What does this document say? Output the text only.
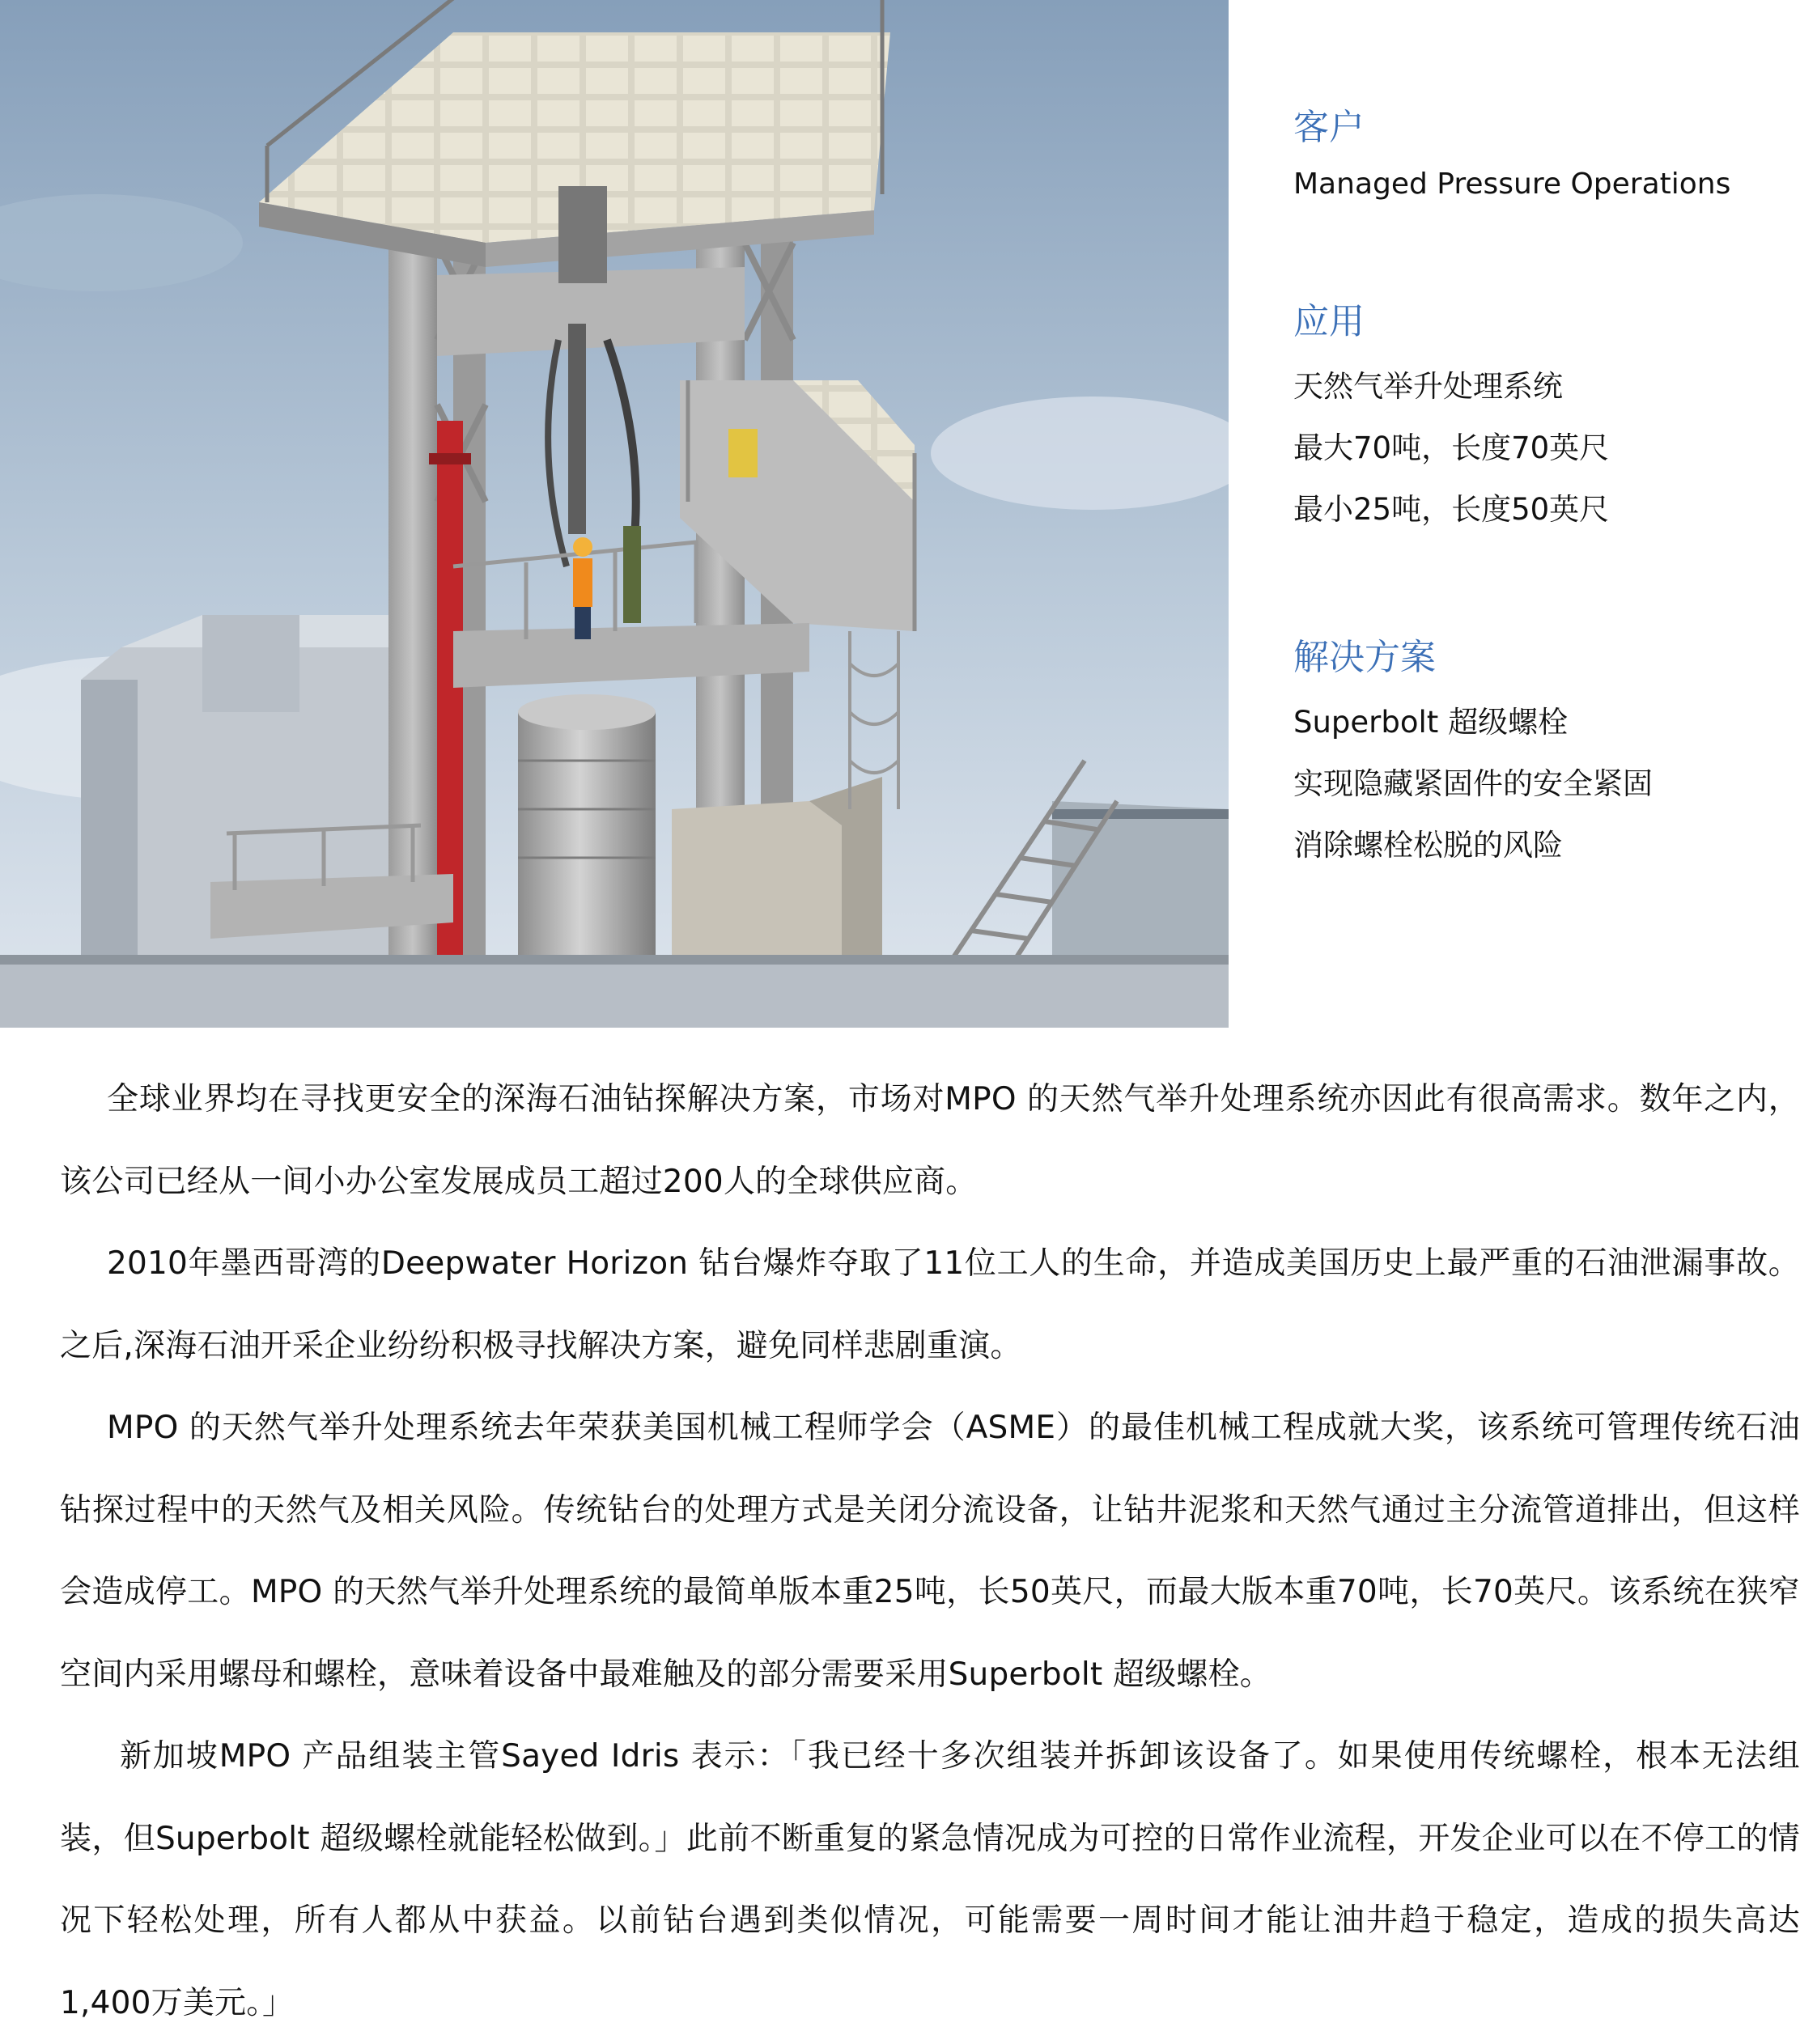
客户
Managed Pressure Operations
应用
天然气举升处理系统
最大70吨，长度70英尺
最小25吨，长度50英尺
解决方案
Superbolt 超级螺栓
实现隐藏紧固件的安全紧固
消除螺栓松脱的风险

全球业界均在寻找更安全的深海石油钻探解决方案，市场对MPO 的天然气举升处理系统亦因此有很高需求。数年之内，该公司已经从一间小办公室发展成员工超过200人的全球供应商。

2010年墨西哥湾的Deepwater Horizon 钻台爆炸夺取了11位工人的生命，并造成美国历史上最严重的石油泄漏事故。之后,深海石油开采企业纷纷积极寻找解决方案，避免同样悲剧重演。

MPO 的天然气举升处理系统去年荣获美国机械工程师学会（ASME）的最佳机械工程成就大奖，该系统可管理传统石油钻探过程中的天然气及相关风险。传统钻台的处理方式是关闭分流设备，让钻井泥浆和天然气通过主分流管道排出，但这样会造成停工。MPO 的天然气举升处理系统的最简单版本重25吨，长50英尺，而最大版本重70吨，长70英尺。该系统在狭窄空间内采用螺母和螺栓，意味着设备中最难触及的部分需要采用Superbolt 超级螺栓。

新加坡MPO 产品组装主管Sayed Idris 表示：「我已经十多次组装并拆卸该设备了。如果使用传统螺栓，根本无法组装，但Superbolt 超级螺栓就能轻松做到。」此前不断重复的紧急情况成为可控的日常作业流程，开发企业可以在不停工的情况下轻松处理，所有人都从中获益。以前钻台遇到类似情况，可能需要一周时间才能让油井趋于稳定，造成的损失高达1,400万美元。」
